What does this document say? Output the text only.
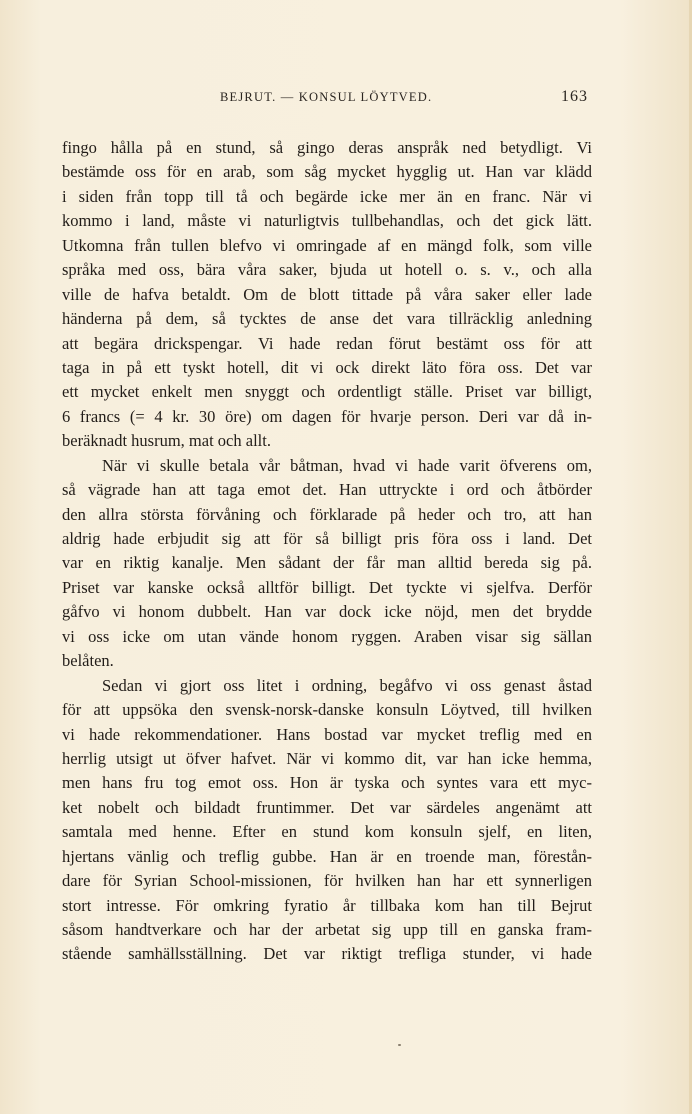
BEJRUT. — KONSUL LÖYTVED.	163
fingo hålla på en stund, så gingo deras anspråk ned betydligt. Vi
bestämde oss för en arab, som såg mycket hygglig ut. Han var klädd
i siden från topp till tå och begärde icke mer än en franc. När vi
kommo i land, måste vi naturligtvis tullbehandlas, och det gick lätt.
Utkomna från tullen blefvo vi omringade af en mängd folk, som ville
språka med oss, bära våra saker, bjuda ut hotell o. s. v., och alla
ville de hafva betaldt. Om de blott tittade på våra saker eller lade
händerna på dem, så tycktes de anse det vara tillräcklig anledning
att begära drickspengar. Vi hade redan förut bestämt oss för att
taga in på ett tyskt hotell, dit vi ock direkt läto föra oss. Det var
ett mycket enkelt men snyggt och ordentligt ställe. Priset var billigt,
6 francs (= 4 kr. 30 öre) om dagen för hvarje person. Deri var då in-
beräknadt husrum, mat och allt.
När vi skulle betala vår båtman, hvad vi hade varit öfverens om,
så vägrade han att taga emot det. Han uttryckte i ord och åtbörder
den allra största förvåning och förklarade på heder och tro, att han
aldrig hade erbjudit sig att för så billigt pris föra oss i land. Det
var en riktig kanalje. Men sådant der får man alltid bereda sig på.
Priset var kanske också alltför billigt. Det tyckte vi sjelfva. Derför
gåfvo vi honom dubbelt. Han var dock icke nöjd, men det brydde
vi oss icke om utan vände honom ryggen. Araben visar sig sällan
belåten.
Sedan vi gjort oss litet i ordning, begåfvo vi oss genast åstad
för att uppsöka den svensk-norsk-danske konsuln Löytved, till hvilken
vi hade rekommendationer. Hans bostad var mycket treflig med en
herrlig utsigt ut öfver hafvet. När vi kommo dit, var han icke hemma,
men hans fru tog emot oss. Hon är tyska och syntes vara ett myc-
ket nobelt och bildadt fruntimmer. Det var särdeles angenämt att
samtala med henne. Efter en stund kom konsuln sjelf, en liten,
hjertans vänlig och treflig gubbe. Han är en troende man, förestån-
dare för Syrian School-missionen, för hvilken han har ett synnerligen
stort intresse. För omkring fyratio år tillbaka kom han till Bejrut
såsom handtverkare och har der arbetat sig upp till en ganska fram-
stående samhällsställning. Det var riktigt trefliga stunder, vi hade
